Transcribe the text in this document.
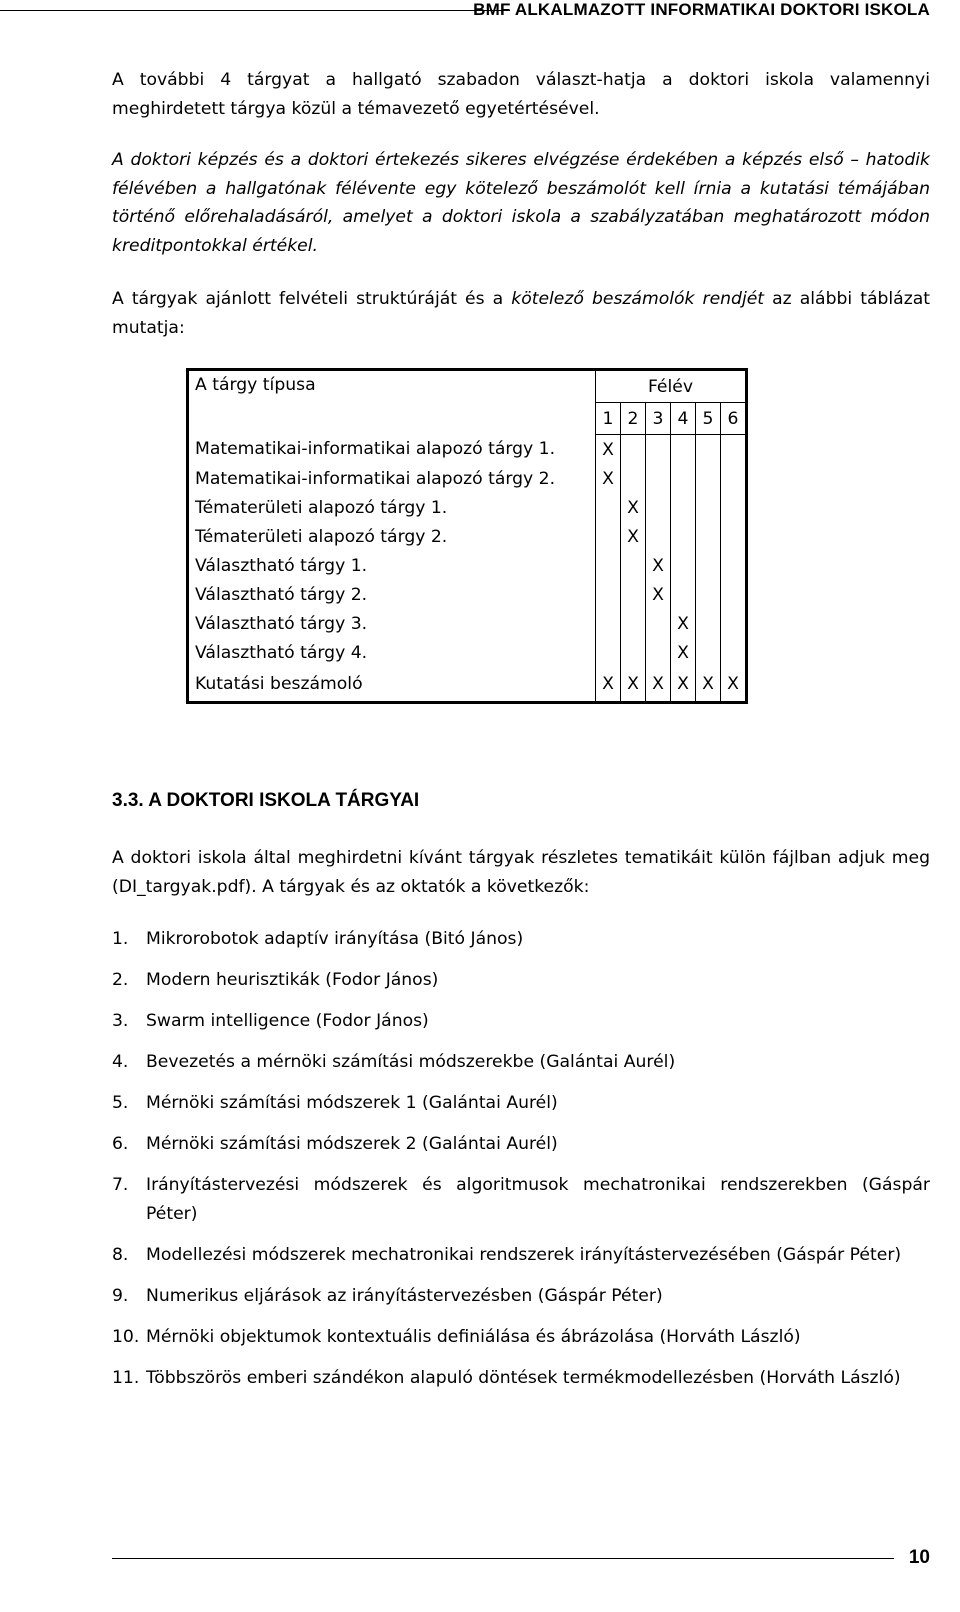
BMF ALKALMAZOTT INFORMATIKAI DOKTORI ISKOLA

A további 4 tárgyat a hallgató szabadon választ-hatja a doktori iskola valamennyi meghirdetett tárgya közül a témavezető egyetértésével.

A doktori képzés és a doktori értekezés sikeres elvégzése érdekében a képzés első – hatodik félévében a hallgatónak félévente egy kötelező beszámolót kell írnia a kutatási témájában történő előrehaladásáról, amelyet a doktori iskola a szabályzatában meghatározott módon kreditpontokkal értékel.

A tárgyak ajánlott felvételi struktúráját és a kötelező beszámolók rendjét az alábbi táblázat mutatja:

A tárgy típusa	Félév					
	1	2	3	4	5	6
Matematikai-informatikai alapozó tárgy 1.	X					
Matematikai-informatikai alapozó tárgy 2.	X					
Tématerületi alapozó tárgy 1.		X				
Tématerületi alapozó tárgy 2.		X				
Választható tárgy 1.			X			
Választható tárgy 2.			X			
Választható tárgy 3.				X		
Választható tárgy 4.				X		
Kutatási beszámoló	X	X	X	X	X	X
3.3. A DOKTORI ISKOLA TÁRGYAI

A doktori iskola által meghirdetni kívánt tárgyak részletes tematikáit külön fájlban adjuk meg (DI_targyak.pdf). A tárgyak és az oktatók a következők:

1. Mikrorobotok adaptív irányítása (Bitó János)
2. Modern heurisztikák (Fodor János)
3. Swarm intelligence (Fodor János)
4. Bevezetés a mérnöki számítási módszerekbe (Galántai Aurél)
5. Mérnöki számítási módszerek 1 (Galántai Aurél)
6. Mérnöki számítási módszerek 2 (Galántai Aurél)
7. Irányítástervezési módszerek és algoritmusok mechatronikai rendszerekben (Gáspár Péter)
8. Modellezési módszerek mechatronikai rendszerek irányítástervezésében (Gáspár Péter)
9. Numerikus eljárások az irányítástervezésben (Gáspár Péter)
10. Mérnöki objektumok kontextuális definiálása és ábrázolása (Horváth László)
11. Többszörös emberi szándékon alapuló döntések termékmodellezésben (Horváth László)
10
